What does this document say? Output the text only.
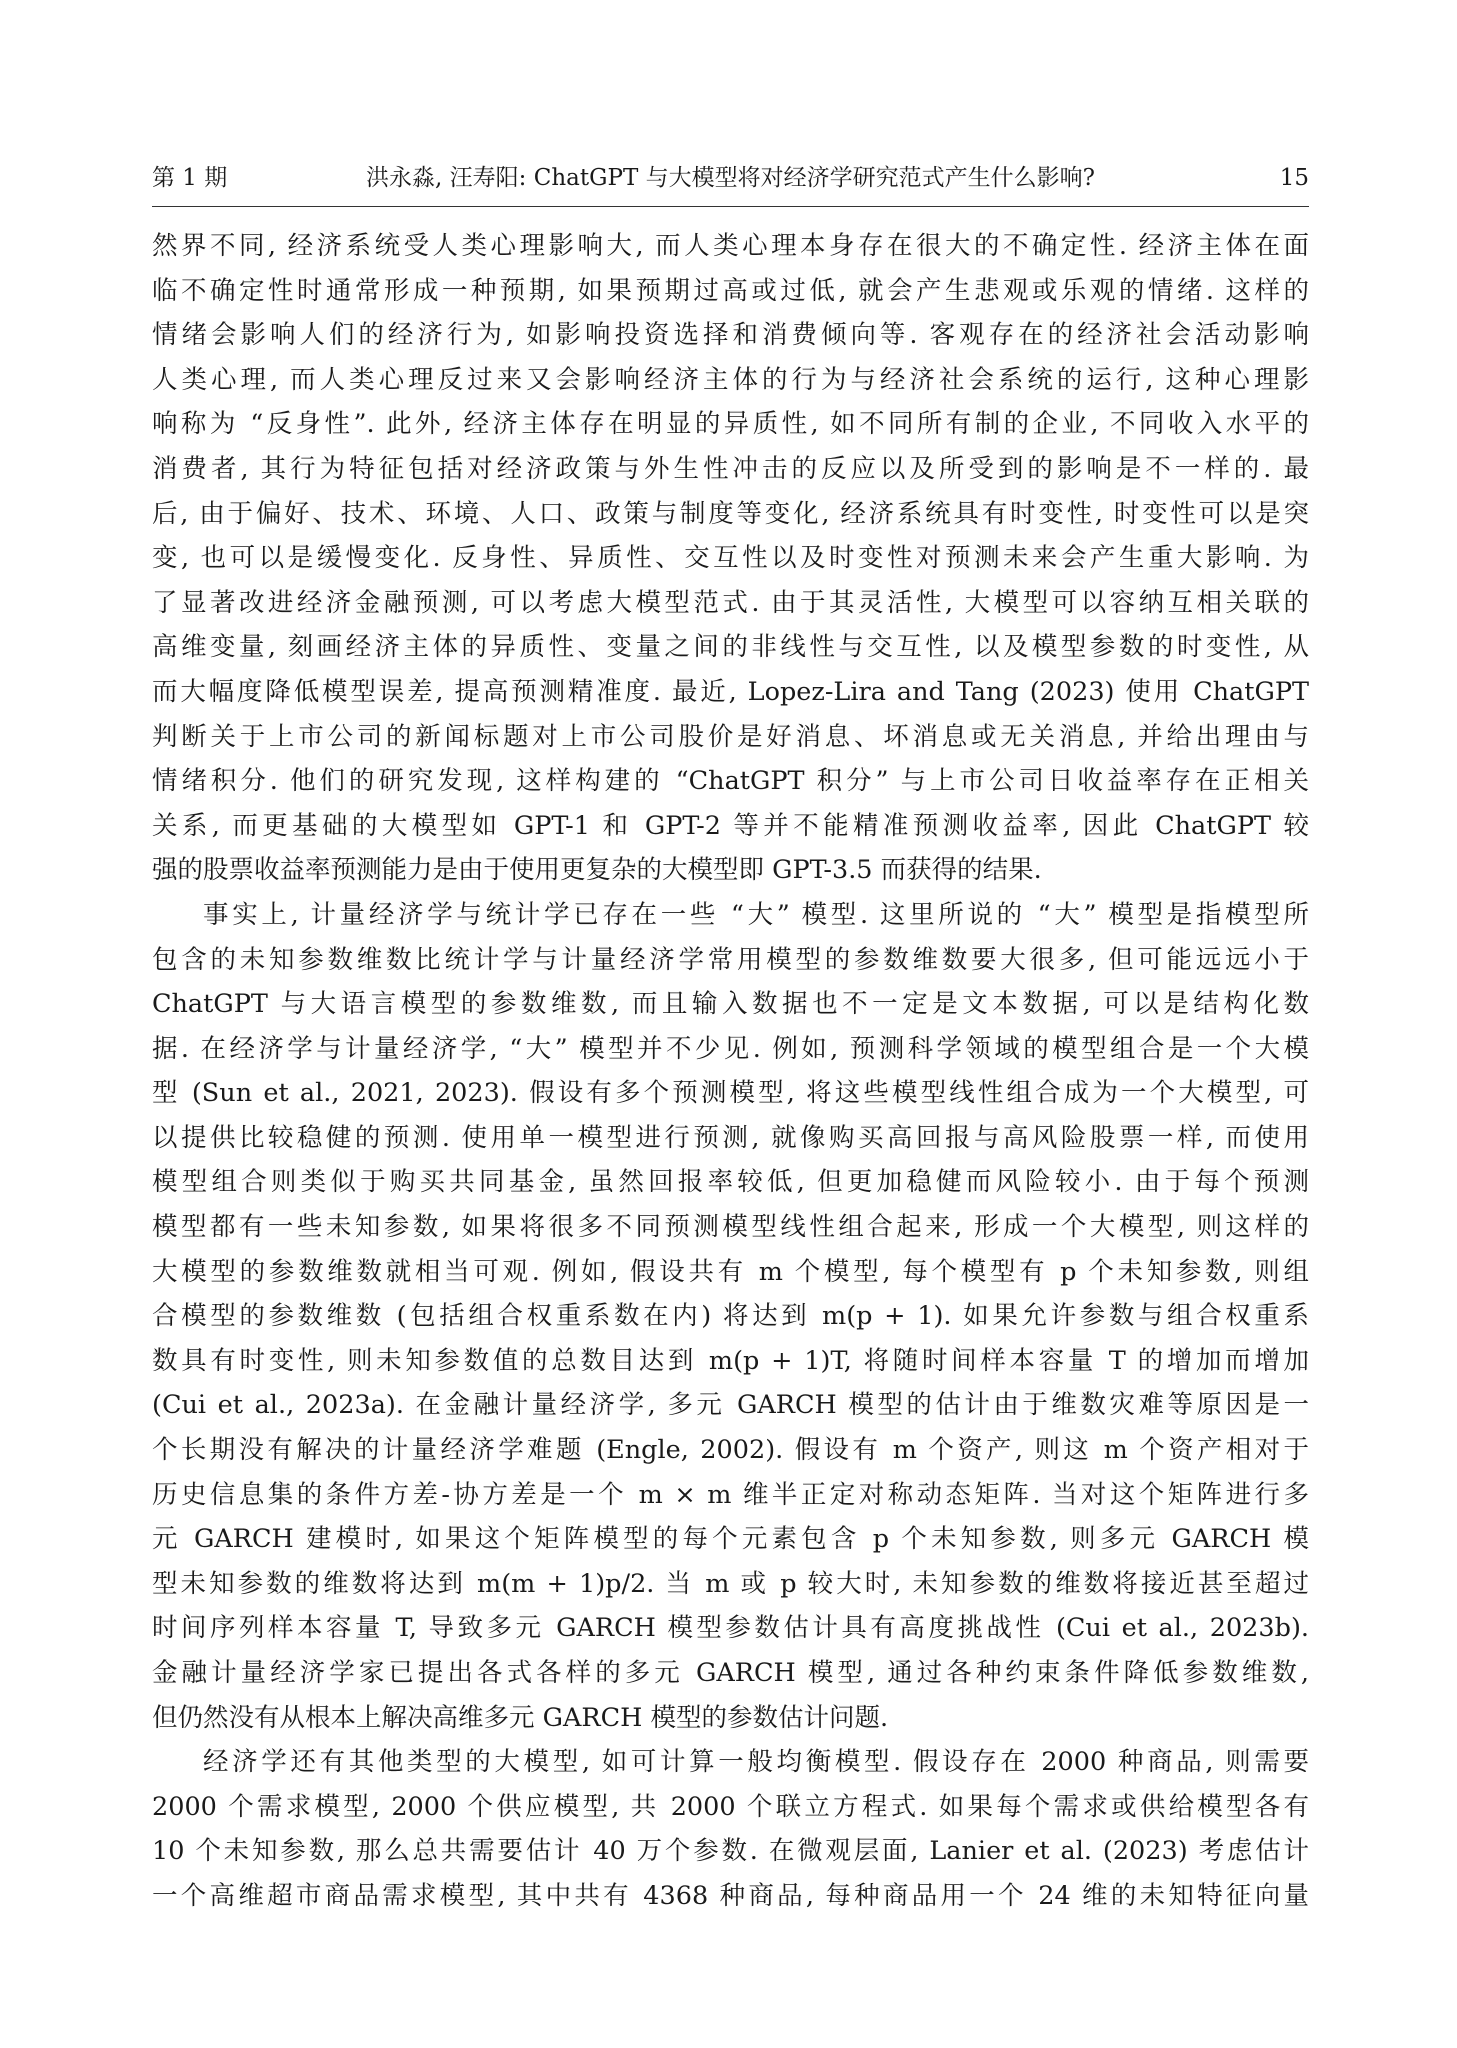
第 1 期	洪永淼, 汪寿阳: ChatGPT 与大模型将对经济学研究范式产生什么影响?	15
然界不同, 经济系统受人类心理影响大, 而人类心理本身存在很大的不确定性. 经济主体在面
临不确定性时通常形成一种预期, 如果预期过高或过低, 就会产生悲观或乐观的情绪. 这样的
情绪会影响人们的经济行为, 如影响投资选择和消费倾向等. 客观存在的经济社会活动影响
人类心理, 而人类心理反过来又会影响经济主体的行为与经济社会系统的运行, 这种心理影
响称为 “反身性”. 此外, 经济主体存在明显的异质性, 如不同所有制的企业, 不同收入水平的
消费者, 其行为特征包括对经济政策与外生性冲击的反应以及所受到的影响是不一样的. 最
后, 由于偏好、技术、环境、人口、政策与制度等变化, 经济系统具有时变性, 时变性可以是突
变, 也可以是缓慢变化. 反身性、异质性、交互性以及时变性对预测未来会产生重大影响. 为
了显著改进经济金融预测, 可以考虑大模型范式. 由于其灵活性, 大模型可以容纳互相关联的
高维变量, 刻画经济主体的异质性、变量之间的非线性与交互性, 以及模型参数的时变性, 从
而大幅度降低模型误差, 提高预测精准度. 最近, Lopez-Lira and Tang (2023) 使用 ChatGPT
判断关于上市公司的新闻标题对上市公司股价是好消息、坏消息或无关消息, 并给出理由与
情绪积分. 他们的研究发现, 这样构建的 “ChatGPT 积分” 与上市公司日收益率存在正相关
关系, 而更基础的大模型如 GPT-1 和 GPT-2 等并不能精准预测收益率, 因此 ChatGPT 较
强的股票收益率预测能力是由于使用更复杂的大模型即 GPT-3.5 而获得的结果.
事实上, 计量经济学与统计学已存在一些 “大” 模型. 这里所说的 “大” 模型是指模型所
包含的未知参数维数比统计学与计量经济学常用模型的参数维数要大很多, 但可能远远小于
ChatGPT 与大语言模型的参数维数, 而且输入数据也不一定是文本数据, 可以是结构化数
据. 在经济学与计量经济学, “大” 模型并不少见. 例如, 预测科学领域的模型组合是一个大模
型 (Sun et al., 2021, 2023). 假设有多个预测模型, 将这些模型线性组合成为一个大模型, 可
以提供比较稳健的预测. 使用单一模型进行预测, 就像购买高回报与高风险股票一样, 而使用
模型组合则类似于购买共同基金, 虽然回报率较低, 但更加稳健而风险较小. 由于每个预测
模型都有一些未知参数, 如果将很多不同预测模型线性组合起来, 形成一个大模型, 则这样的
大模型的参数维数就相当可观. 例如, 假设共有 m 个模型, 每个模型有 p 个未知参数, 则组
合模型的参数维数 (包括组合权重系数在内) 将达到 m(p + 1). 如果允许参数与组合权重系
数具有时变性, 则未知参数值的总数目达到 m(p + 1)T, 将随时间样本容量 T 的增加而增加
(Cui et al., 2023a). 在金融计量经济学, 多元 GARCH 模型的估计由于维数灾难等原因是一
个长期没有解决的计量经济学难题 (Engle, 2002). 假设有 m 个资产, 则这 m 个资产相对于
历史信息集的条件方差-协方差是一个 m × m 维半正定对称动态矩阵. 当对这个矩阵进行多
元 GARCH 建模时, 如果这个矩阵模型的每个元素包含 p 个未知参数, 则多元 GARCH 模
型未知参数的维数将达到 m(m + 1)p/2. 当 m 或 p 较大时, 未知参数的维数将接近甚至超过
时间序列样本容量 T, 导致多元 GARCH 模型参数估计具有高度挑战性 (Cui et al., 2023b).
金融计量经济学家已提出各式各样的多元 GARCH 模型, 通过各种约束条件降低参数维数,
但仍然没有从根本上解决高维多元 GARCH 模型的参数估计问题.
经济学还有其他类型的大模型, 如可计算一般均衡模型. 假设存在 2000 种商品, 则需要
2000 个需求模型, 2000 个供应模型, 共 2000 个联立方程式. 如果每个需求或供给模型各有
10 个未知参数, 那么总共需要估计 40 万个参数. 在微观层面, Lanier et al. (2023) 考虑估计
一个高维超市商品需求模型, 其中共有 4368 种商品, 每种商品用一个 24 维的未知特征向量
